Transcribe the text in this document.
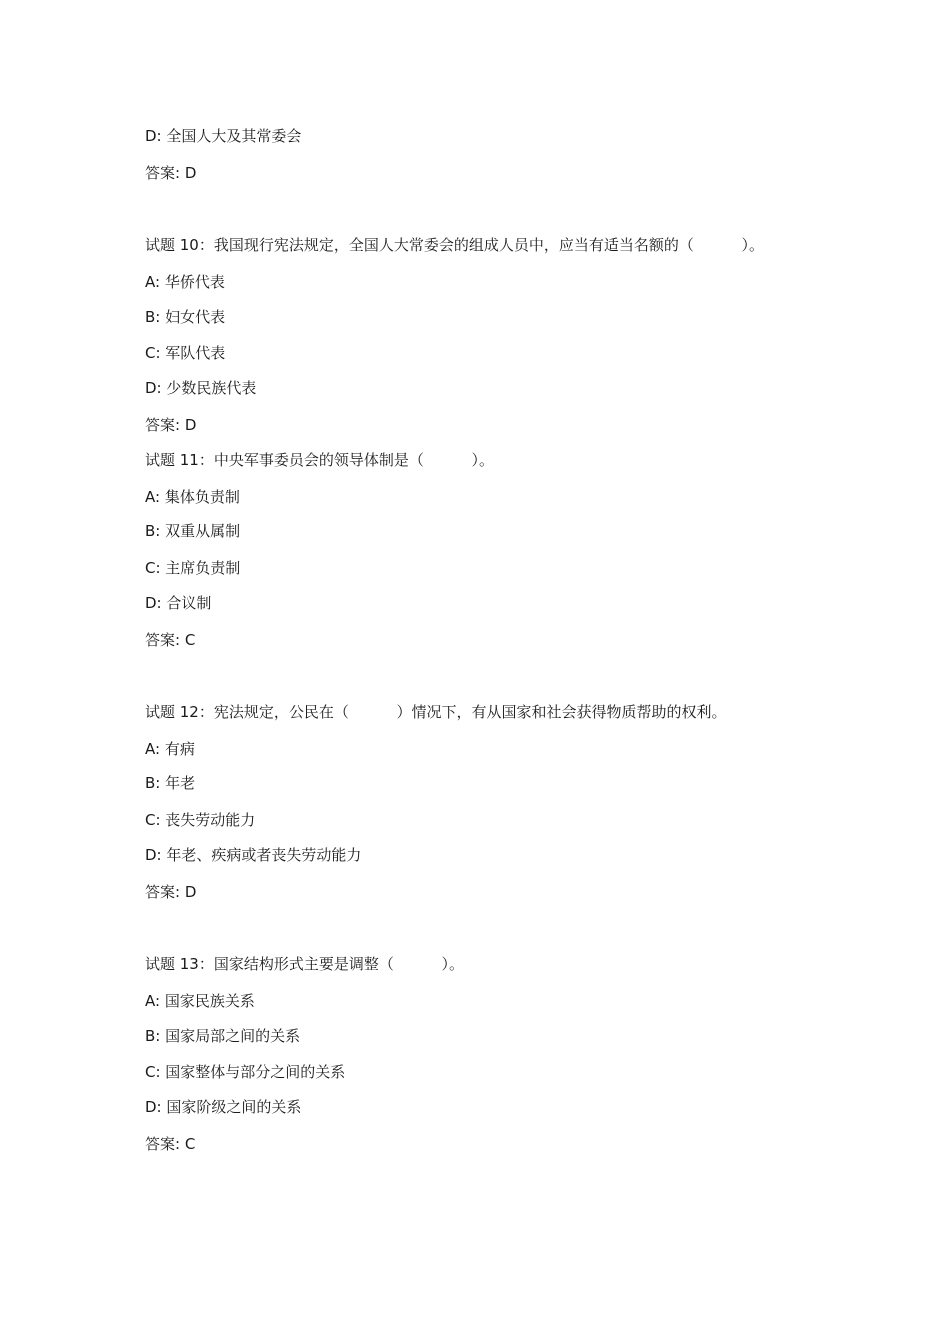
D: 全国人大及其常委会
答案: D
试题 10：我国现行宪法规定，全国人大常委会的组成人员中，应当有适当名额的（          ）。
A: 华侨代表
B: 妇女代表
C: 军队代表
D: 少数民族代表
答案: D
试题 11：中央军事委员会的领导体制是（          ）。
A: 集体负责制
B: 双重从属制
C: 主席负责制
D: 合议制
答案: C
试题 12：宪法规定，公民在（          ）情况下，有从国家和社会获得物质帮助的权利。
A: 有病
B: 年老
C: 丧失劳动能力
D: 年老、疾病或者丧失劳动能力
答案: D
试题 13：国家结构形式主要是调整（          ）。
A: 国家民族关系
B: 国家局部之间的关系
C: 国家整体与部分之间的关系
D: 国家阶级之间的关系
答案: C
